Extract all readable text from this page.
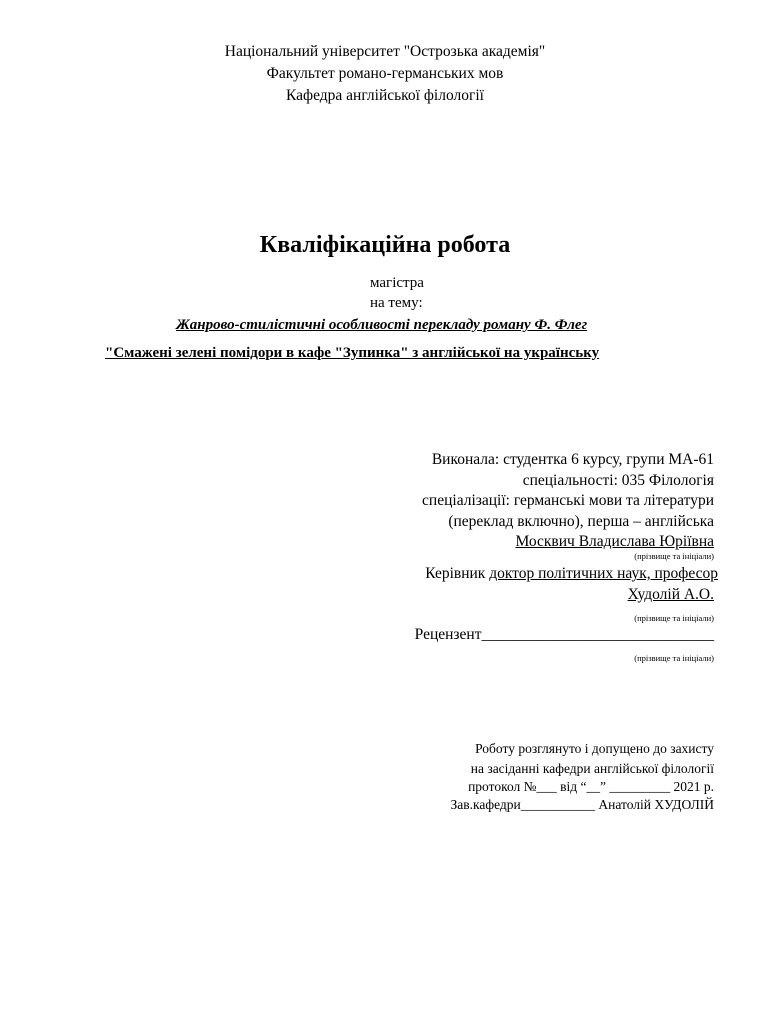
Національний університет "Острозька академія"
Факультет романо-германських мов
Кафедра англійської філології
Кваліфікаційна робота
магістра
на тему:
Жанрово-стилістичні особливості перекладу роману Ф. Флег
"Смажені зелені помідори в кафе "Зупинка" з англійської на українську
Виконала: студентка 6 курсу, групи МА-61
спеціальності: 035 Філологія
спеціалізації: германські мови та літератури
(переклад включно), перша – англійська
Москвич Владислава Юріївна
(прізвище та ініціали)
Керівник доктор політичних наук, професор
Худолій А.О.
(прізвище та ініціали)
Рецензент______________________________
(прізвище та ініціали)
Роботу розглянуто і допущено до захисту
на засіданні кафедри англійської філології
протокол №___ від “__” _________ 2021 р.
Зав.кафедри___________ Анатолій ХУДОЛІЙ
